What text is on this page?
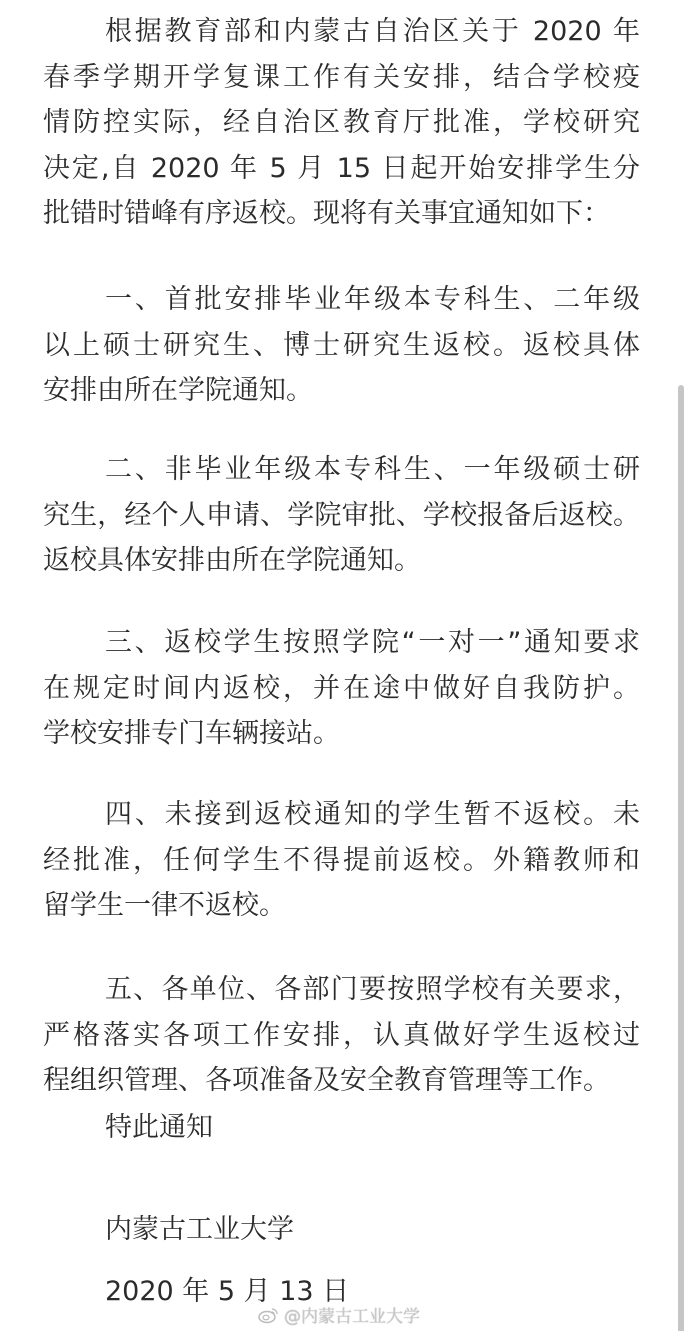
根据教育部和内蒙古自治区关于 2020 年
春季学期开学复课工作有关安排，结合学校疫
情防控实际，经自治区教育厅批准，学校研究
决定,自 2020 年 5 月 15 日起开始安排学生分
批错时错峰有序返校。现将有关事宜通知如下：
一、首批安排毕业年级本专科生、二年级
以上硕士研究生、博士研究生返校。返校具体
安排由所在学院通知。
二、非毕业年级本专科生、一年级硕士研
究生，经个人申请、学院审批、学校报备后返校。
返校具体安排由所在学院通知。
三、返校学生按照学院“一对一”通知要求
在规定时间内返校，并在途中做好自我防护。
学校安排专门车辆接站。
四、未接到返校通知的学生暂不返校。未
经批准，任何学生不得提前返校。外籍教师和
留学生一律不返校。
五、各单位、各部门要按照学校有关要求，
严格落实各项工作安排，认真做好学生返校过
程组织管理、各项准备及安全教育管理等工作。
特此通知
内蒙古工业大学
2020 年 5 月 13 日
@内蒙古工业大学
